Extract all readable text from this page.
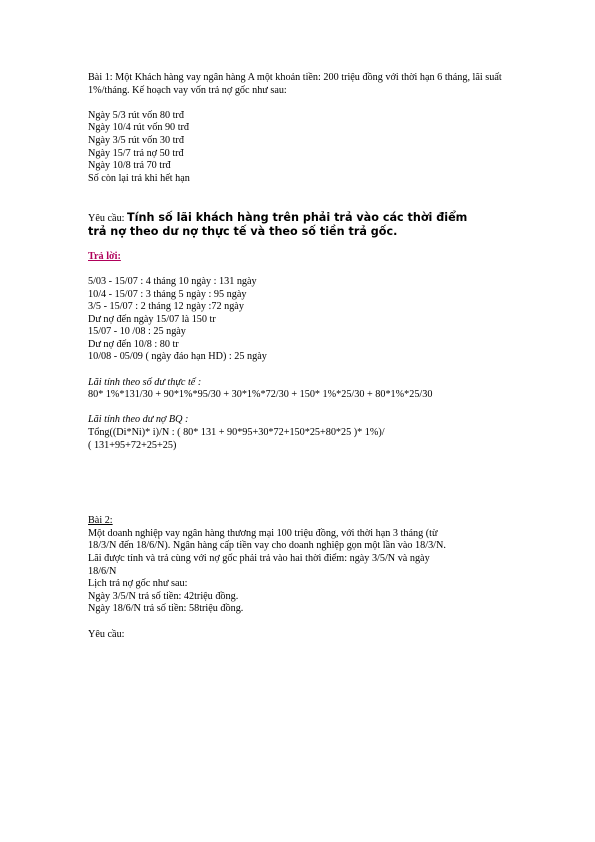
Bài 1: Một Khách hàng vay ngân hàng A một khoản tiền: 200 triệu đồng với thời hạn 6 tháng, lãi suất 1%/tháng. Kế hoạch vay vốn trả nợ gốc như sau:

Ngày 5/3 rút vốn 80 trđ

Ngày 10/4 rút vốn 90 trđ

Ngày 3/5 rút vốn 30 trđ

Ngày 15/7 trả nợ 50 trđ

Ngày 10/8 trả 70 trđ

Số còn lại trả khi hết hạn

Yêu cầu: Tính số lãi khách hàng trên phải trả vào các thời điểm

trả nợ theo dư nợ thực tế và theo số tiền trả gốc.

Trả lời:

5/03 - 15/07 : 4 tháng 10 ngày : 131 ngày

10/4 - 15/07 : 3 tháng 5 ngày : 95 ngày

3/5 - 15/07 : 2 tháng 12 ngày :72 ngày

Dư nợ đến ngày 15/07 là 150 tr

15/07 - 10 /08 : 25 ngày

Dư nợ đến 10/8 : 80 tr

10/08 - 05/09 ( ngày đáo hạn HD) : 25 ngày

Lãi tính theo số dư thực tế :

80* 1%*131/30 + 90*1%*95/30 + 30*1%*72/30 + 150* 1%*25/30 + 80*1%*25/30

Lãi tính theo dư nợ BQ :

Tổng((Di*Ni)* i)/N : ( 80* 131 + 90*95+30*72+150*25+80*25 )* 1%)/

( 131+95+72+25+25)

Bài 2:

Một doanh nghiệp vay ngân hàng thương mại 100 triệu đồng, với thời hạn 3 tháng (từ

18/3/N đến 18/6/N). Ngân hàng cấp tiền vay cho doanh nghiệp gọn một lần vào 18/3/N.

Lãi được tính và trả cùng với nợ gốc phải trả vào hai thời điểm: ngày 3/5/N và ngày

18/6/N

Lịch trả nợ gốc như sau:

Ngày 3/5/N trả số tiền: 42triệu đồng.

Ngày 18/6/N trả số tiền: 58triệu đồng.

Yêu cầu:
